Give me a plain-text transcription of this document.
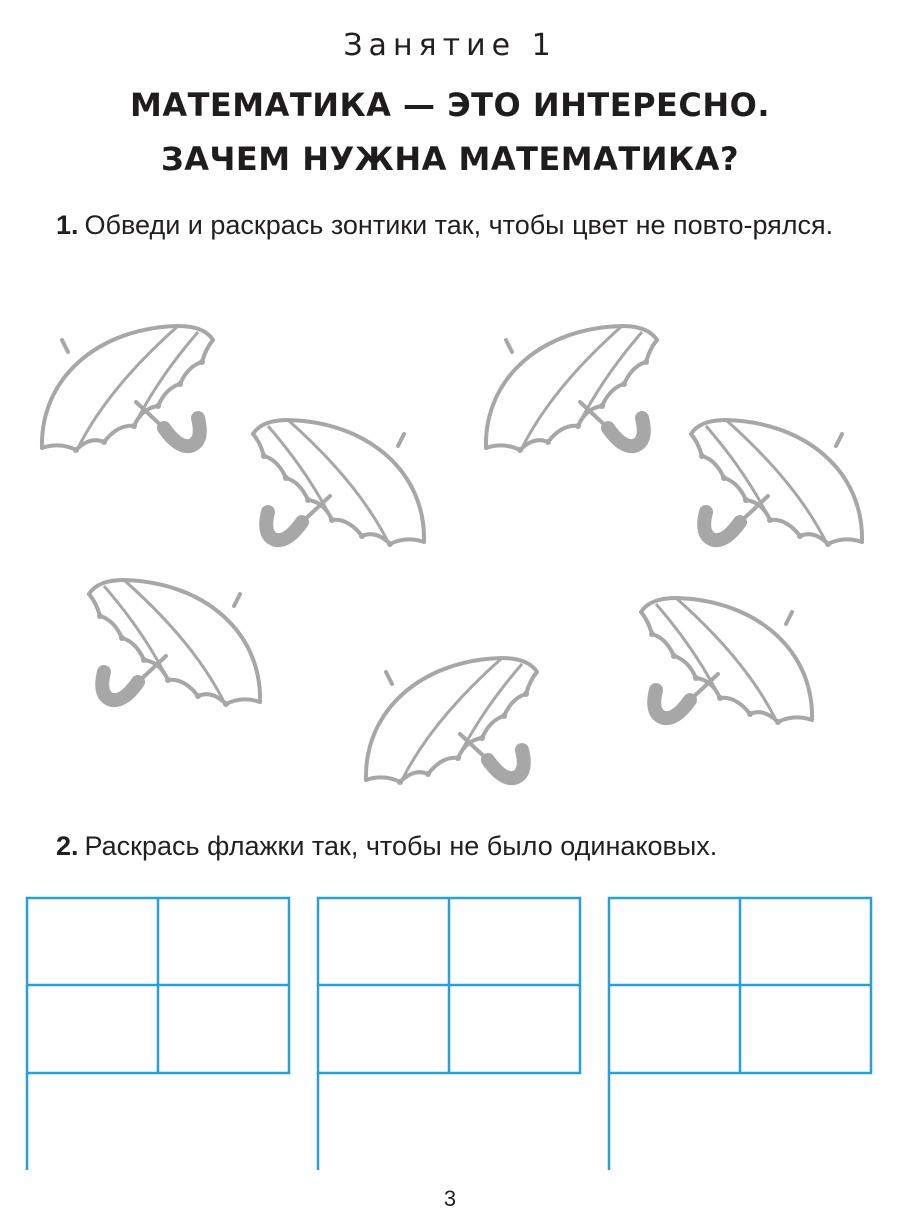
Занятие 1
МАТЕМАТИКА — ЭТО ИНТЕРЕСНО.
ЗАЧЕМ НУЖНА МАТЕМАТИКА?
1. Обведи и раскрась зонтики так, чтобы цвет не повто-рялся.
2. Раскрась флажки так, чтобы не было одинаковых.
3
